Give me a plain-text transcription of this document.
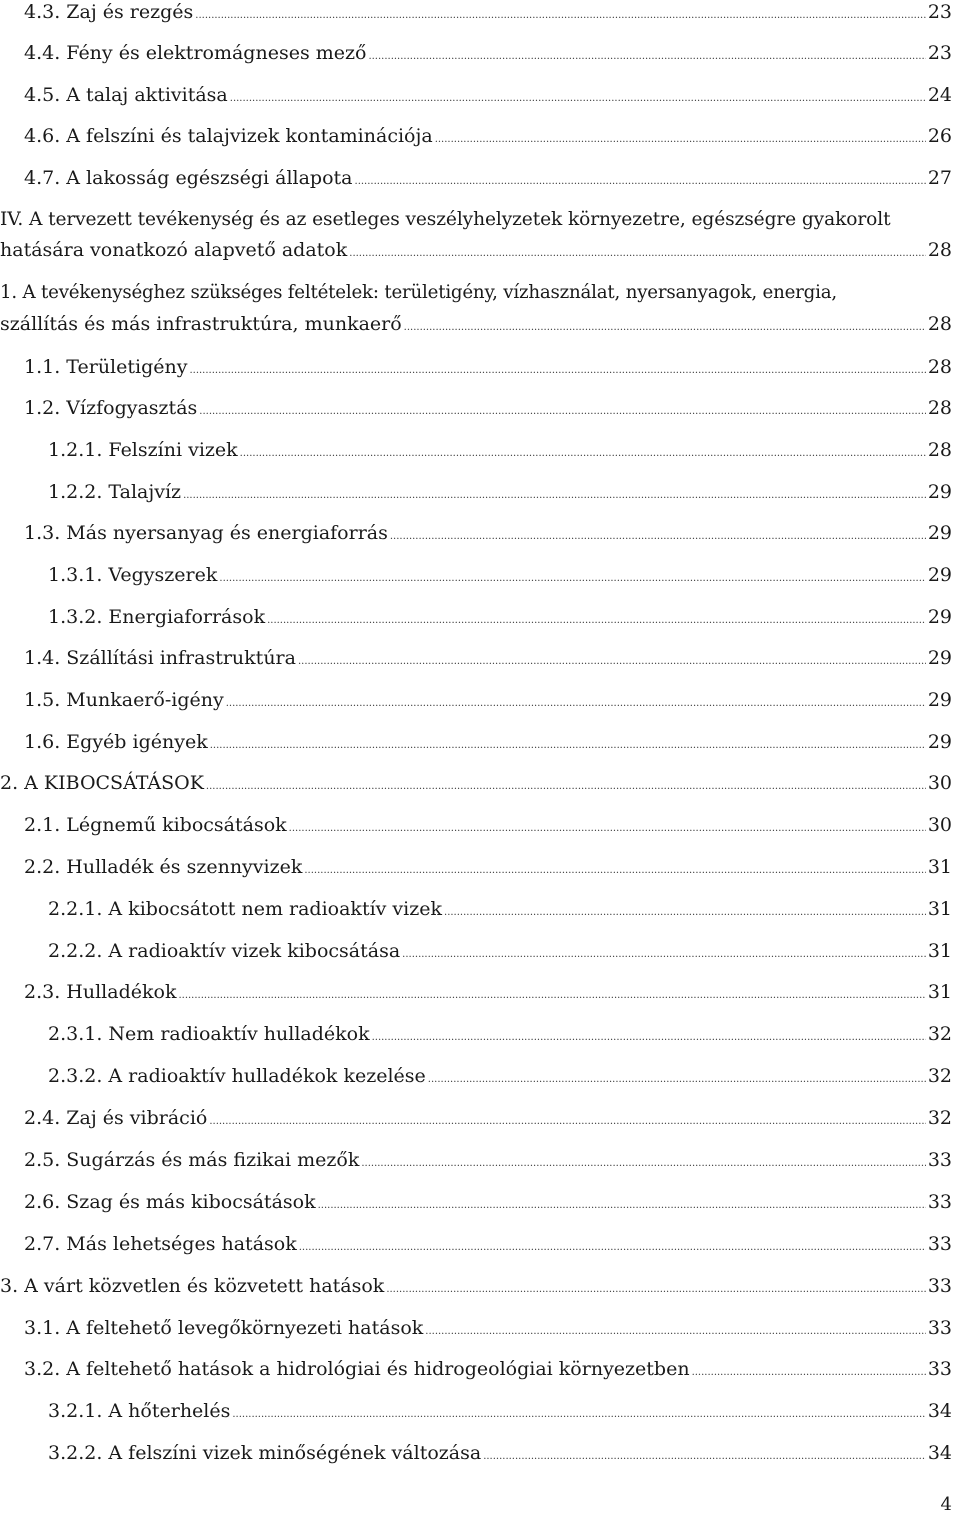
4.3. Zaj és rezgés .....	23
4.4. Fény és elektromágneses mező .....	23
4.5. A talaj aktivitása .....	24
4.6. A felszíni és talajvizek kontaminációja .....	26
4.7. A lakosság egészségi állapota .....	27
IV. A tervezett tevékenység és az esetleges veszélyhelyzetek környezetre, egészségre gyakorolt
hatására vonatkozó alapvető adatok .....	28
1. A tevékenységhez szükséges feltételek: területigény, vízhasználat, nyersanyagok, energia,
szállítás és más infrastruktúra, munkaerő .....	28
1.1. Területigény .....	28
1.2. Vízfogyasztás .....	28
1.2.1. Felszíni vizek .....	28
1.2.2. Talajvíz .....	29
1.3. Más nyersanyag és energiaforrás .....	29
1.3.1. Vegyszerek .....	29
1.3.2. Energiaforrások .....	29
1.4. Szállítási infrastruktúra .....	29
1.5. Munkaerő-igény .....	29
1.6. Egyéb igények .....	29
2. A KIBOCSÁTÁSOK .....	30
2.1. Légnemű kibocsátások .....	30
2.2. Hulladék és szennyvizek .....	31
2.2.1. A kibocsátott nem radioaktív vizek .....	31
2.2.2. A radioaktív vizek kibocsátása .....	31
2.3. Hulladékok .....	31
2.3.1. Nem radioaktív hulladékok .....	32
2.3.2. A radioaktív hulladékok kezelése .....	32
2.4. Zaj és vibráció .....	32
2.5. Sugárzás és más fizikai mezők .....	33
2.6. Szag és más kibocsátások .....	33
2.7. Más lehetséges hatások .....	33
3. A várt közvetlen és közvetett hatások .....	33
3.1. A feltehető levegőkörnyezeti hatások .....	33
3.2. A feltehető hatások a hidrológiai és hidrogeológiai környezetben .....	33
3.2.1. A hőterhelés .....	34
3.2.2. A felszíni vizek minőségének változása .....	34
4
